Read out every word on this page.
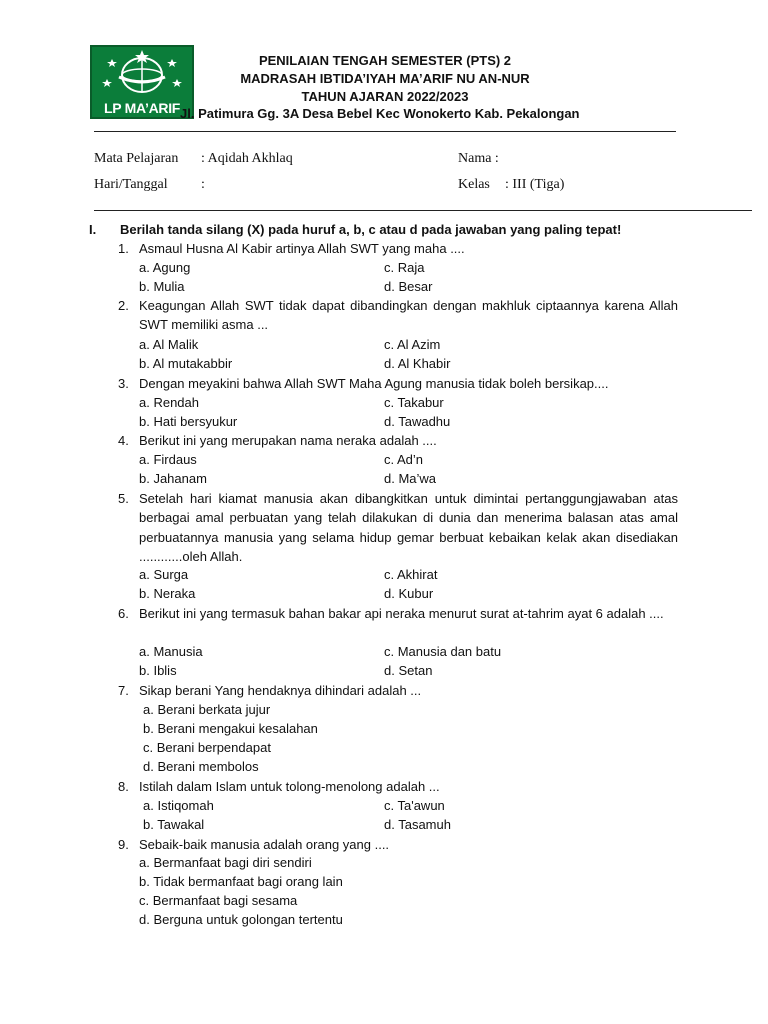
LP MA’ARIF
PENILAIAN TENGAH SEMESTER (PTS) 2
MADRASAH IBTIDA’IYAH MA’ARIF NU AN-NUR
TAHUN AJARAN 2022/2023
Jl. Patimura Gg. 3A Desa Bebel Kec Wonokerto Kab. Pekalongan
Mata Pelajaran : Aqidah Akhlaq
Hari/Tanggal :
Nama :
Kelas : III (Tiga)
I. Berilah tanda silang (X) pada huruf a, b, c atau d pada jawaban yang paling tepat!
1. Asmaul Husna Al Kabir artinya Allah SWT yang maha ....
a. Agung
b. Mulia
c. Raja
d. Besar
2. Keagungan Allah SWT tidak dapat dibandingkan dengan makhluk ciptaannya karena Allah SWT memiliki asma ...
a. Al Malik
b. Al mutakabbir
c. Al Azim
d. Al Khabir
3. Dengan meyakini bahwa Allah SWT Maha Agung manusia tidak boleh bersikap....
a. Rendah
b. Hati bersyukur
c. Takabur
d. Tawadhu
4. Berikut ini yang merupakan nama neraka adalah ....
a. Firdaus
b. Jahanam
c. Ad’n
d. Ma’wa
5. Setelah hari kiamat manusia akan dibangkitkan untuk dimintai pertanggungjawaban atas berbagai amal perbuatan yang telah dilakukan di dunia dan menerima balasan atas amal perbuatannya manusia yang selama hidup gemar berbuat kebaikan kelak akan disediakan ............oleh Allah.
a. Surga
b. Neraka
c. Akhirat
d. Kubur
6. Berikut ini yang termasuk bahan bakar api neraka menurut surat at-tahrim ayat 6 adalah ....
a. Manusia
b. Iblis
c. Manusia dan batu
d. Setan
7. Sikap berani Yang hendaknya dihindari adalah ...
a. Berani berkata jujur
b. Berani mengakui kesalahan
c. Berani berpendapat
d. Berani membolos
8. Istilah dalam Islam untuk tolong-menolong adalah ...
a. Istiqomah
b. Tawakal
c. Ta'awun
d. Tasamuh
9. Sebaik-baik manusia adalah orang yang ....
a. Bermanfaat bagi diri sendiri
b. Tidak bermanfaat bagi orang lain
c. Bermanfaat bagi sesama
d. Berguna untuk golongan tertentu
